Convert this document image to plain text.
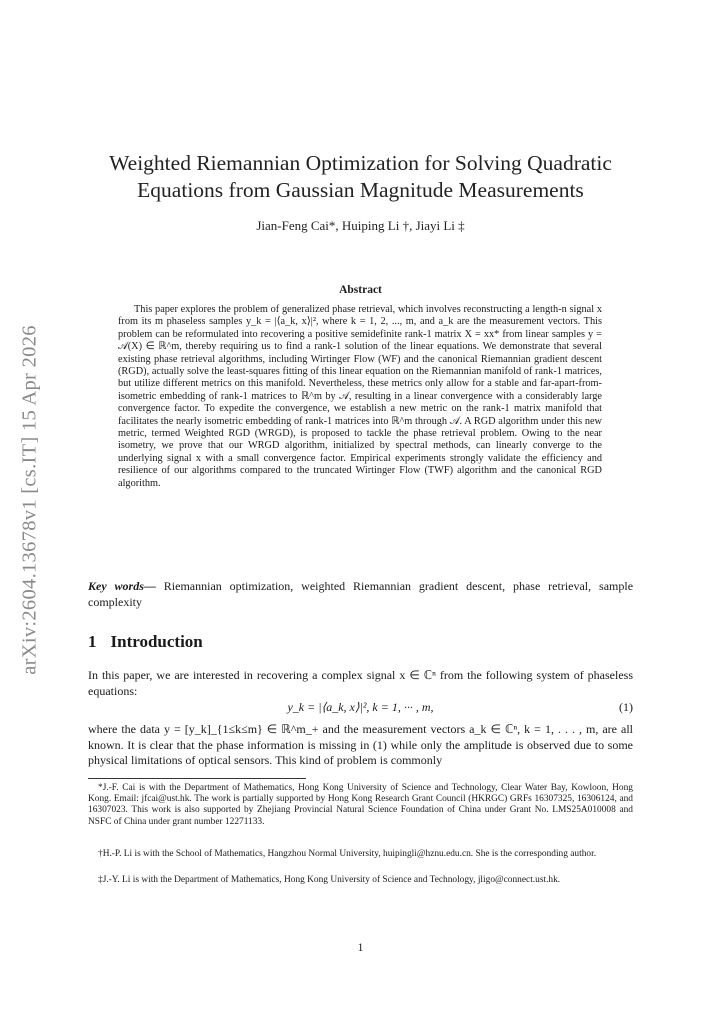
arXiv:2604.13678v1 [cs.IT] 15 Apr 2026
Weighted Riemannian Optimization for Solving Quadratic Equations from Gaussian Magnitude Measurements
Jian-Feng Cai*, Huiping Li †, Jiayi Li ‡
Abstract
This paper explores the problem of generalized phase retrieval, which involves reconstructing a length-n signal x from its m phaseless samples y_k = |⟨a_k, x⟩|², where k = 1, 2, ..., m, and a_k are the measurement vectors. This problem can be reformulated into recovering a positive semidefinite rank-1 matrix X = xx* from linear samples y = 𝒜(X) ∈ ℝ^m, thereby requiring us to find a rank-1 solution of the linear equations. We demonstrate that several existing phase retrieval algorithms, including Wirtinger Flow (WF) and the canonical Riemannian gradient descent (RGD), actually solve the least-squares fitting of this linear equation on the Riemannian manifold of rank-1 matrices, but utilize different metrics on this manifold. Nevertheless, these metrics only allow for a stable and far-apart-from-isometric embedding of rank-1 matrices to ℝ^m by 𝒜, resulting in a linear convergence with a considerably large convergence factor. To expedite the convergence, we establish a new metric on the rank-1 matrix manifold that facilitates the nearly isometric embedding of rank-1 matrices into ℝ^m through 𝒜. A RGD algorithm under this new metric, termed Weighted RGD (WRGD), is proposed to tackle the phase retrieval problem. Owing to the near isometry, we prove that our WRGD algorithm, initialized by spectral methods, can linearly converge to the underlying signal x with a small convergence factor. Empirical experiments strongly validate the efficiency and resilience of our algorithms compared to the truncated Wirtinger Flow (TWF) algorithm and the canonical RGD algorithm.
Key words— Riemannian optimization, weighted Riemannian gradient descent, phase retrieval, sample complexity
1 Introduction
In this paper, we are interested in recovering a complex signal x ∈ ℂⁿ from the following system of phaseless equations:
y_k = |⟨a_k, x⟩|², k = 1, ··· , m,	(1)
where the data y = [y_k]_{1≤k≤m} ∈ ℝ^m_+ and the measurement vectors a_k ∈ ℂⁿ, k = 1, . . . , m, are all known. It is clear that the phase information is missing in (1) while only the amplitude is observed due to some physical limitations of optical sensors. This kind of problem is commonly
*J.-F. Cai is with the Department of Mathematics, Hong Kong University of Science and Technology, Clear Water Bay, Kowloon, Hong Kong. Email: jfcai@ust.hk. The work is partially supported by Hong Kong Research Grant Council (HKRGC) GRFs 16307325, 16306124, and 16307023. This work is also supported by Zhejiang Provincial Natural Science Foundation of China under Grant No. LMS25A010008 and NSFC of China under grant number 12271133.
†H.-P. Li is with the School of Mathematics, Hangzhou Normal University, huipingli@hznu.edu.cn. She is the corresponding author.
‡J.-Y. Li is with the Department of Mathematics, Hong Kong University of Science and Technology, jligo@connect.ust.hk.
1
